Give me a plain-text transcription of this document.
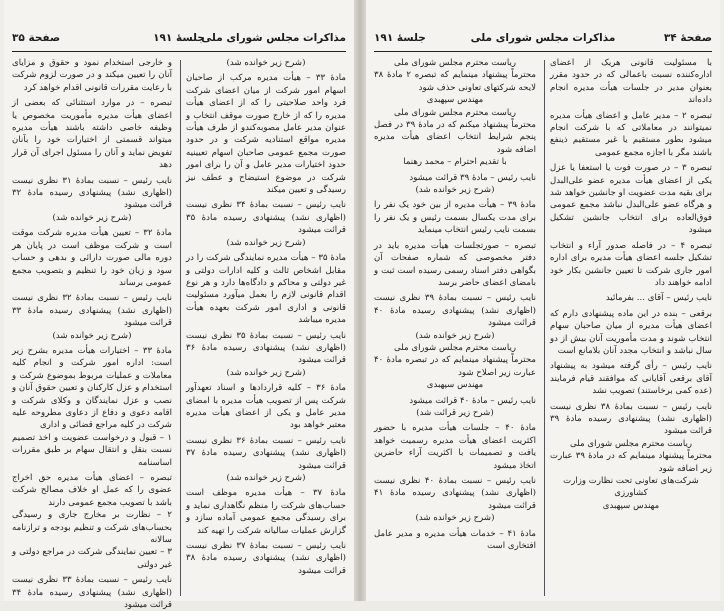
مذاکرات مجلس شورای ملی
جلسهٔ ۱۹۱
صفحة ۳۵

(شرح زیر خوانده شد)

مادهٔ ۳۳ – هیأت مدیره مرکب از صاحبان اسهام امور شرکت از میان اعضای شرکت فرد واحد صلاحیتی را که از اعضای هیأت مدیره را که از خارج صورت موقف انتخاب و عنوان مدیر عامل مصوبه‌کندو از طرف هیأت مدیره مواقع استنادیه شرکت و در حدود صورت مجمع عمومی صاحبان اسهام تعیینیه حدود اختیارات مدیر عامل و آن را برای امور شرکت در موضوع استیضاح و عطف نیز رسیدگی و تعیین میکند

نایب رئیس – نسبت بمادهٔ ۳۴ نظری نیست (اظهاری نشد) پیشنهادی رسیده مادهٔ ۳۵ قرائت میشود

(شرح زیر خوانده شد)

مادهٔ ۳۵ – هیأت مدیره نمایندگی شرکت را در مقابل اشخاص ثالث و کلیه ادارات دولتی و غیر دولتی و محاکم و دادگاه‌ها دارد و هر نوع اقدام قانونی لازم را بعمل میآورد مسئولیت قانونی و اداری امور شرکت بعهده هیأت مدیره میباشد

نایب رئیس – نسبت بمادهٔ ۳۵ نظری نیست (اظهاری نشد) پیشنهادی رسیده مادهٔ ۳۶ قرائت میشود

(شرح زیر خوانده شد)

مادهٔ ۳۶ – کلیه قراردادها و اسناد تعهدآور شرکت پس از تصویب هیأت مدیره با امضای مدیر عامل و یکی از اعضای هیأت مدیره معتبر خواهد بود

نایب رئیس – نسبت بمادهٔ ۳۶ نظری نیست (اظهاری نشد) پیشنهادی رسیده مادهٔ ۳۷ قرائت میشود

(شرح زیر خوانده شد)

مادهٔ ۳۷ – هیأت مدیره موظف است حساب‌های شرکت را منظم نگاهداری نماید و برای رسیدگی مجمع عمومی آماده سازد و گزارش عملیات سالیانه شرکت را تهیه کند

نایب رئیس – نسبت بمادهٔ ۳۷ نظری نیست (اظهاری نشد) پیشنهادی رسیده مادهٔ ۳۸ قرائت میشود

و خارجی استخدام نمود و حقوق و مزایای آنان را تعیین میکند و در صورت لزوم شرکت با رعایت مقررات قانونی اقدام خواهد کرد

تبصره – در موارد استثنائی که بعضی از اعضای هیأت مدیره مأموریت مخصوص یا وظیفه خاصی داشته باشند هیأت مدیره میتواند قسمتی از اختیارات خود را بآنان تفویض نماید و آنان را مسئول اجرای آن قرار دهد

نایب رئیس – نسبت بمادهٔ ۳۱ نظری نیست (اظهاری نشد) پیشنهادی رسیده مادهٔ ۳۲ قرائت میشود

(شرح زیر خوانده شد)

مادهٔ ۳۲ – تعیین هیأت مدیره شرکت موقت است و شرکت موظف است در پایان هر دوره مالی صورت دارائی و بدهی و حساب سود و زیان خود را تنظیم و بتصویب مجمع عمومی برساند

نایب رئیس – نسبت بمادهٔ ۳۲ نظری نیست (اظهاری نشد) پیشنهادی رسیده مادهٔ ۳۳ قرائت میشود

(شرح زیر خوانده شد)

مادهٔ ۳۳ – اختیارات هیأت مدیره بشرح زیر است: اداره امور شرکت و انجام کلیه معاملات و عملیات مربوط بموضوع شرکت و استخدام و عزل کارکنان و تعیین حقوق آنان و نصب و عزل نمایندگان و وکلای شرکت و اقامه دعوی و دفاع از دعاوی مطروحه علیه شرکت در کلیه مراجع قضائی و اداری

۱ – قبول و درخواست عضویت و اخذ تصمیم نسبت بنقل و انتقال سهام بر طبق مقررات اساسنامه

تبصره – اعضای هیأت مدیره حق اخراج عضوی را که عمل او خلاف مصالح شرکت باشد با تصویب مجمع عمومی دارند

۲ – نظارت بر مخارج جاری و رسیدگی بحساب‌های شرکت و تنظیم بودجه و ترازنامه سالانه

۳ – تعیین نمایندگی شرکت در مراجع دولتی و غیر دولتی

نایب رئیس – نسبت بمادهٔ ۳۳ نظری نیست (اظهاری نشد) پیشنهادی رسیده مادهٔ ۳۴ قرائت میشود

صفحهٔ ۳۴
مذاکرات مجلس شورای ملی
جلسهٔ ۱۹۱

با مسئولیت قانونی هریک از اعضای اداره‌کننده نسبت باعمالی که در حدود مقرر بعنوان مدیر در جلسات هیأت مدیره انجام داده‌اند

تبصره ۲ – مدیر عامل و اعضای هیأت مدیره نمیتوانند در معاملاتی که با شرکت انجام میشود بطور مستقیم یا غیر مستقیم ذینفع باشند مگر با اجازه مجمع عمومی

تبصره ۳ – در صورت فوت یا استعفا یا عزل یکی از اعضای هیأت مدیره عضو علی‌البدل برای بقیه مدت عضویت او جانشین خواهد شد و هرگاه عضو علی‌البدل نباشد مجمع عمومی فوق‌العاده برای انتخاب جانشین تشکیل میشود

تبصره ۴ – در فاصله صدور آراء و انتخاب تشکیل جلسه اعضای هیأت مدیره برای اداره امور جاری شرکت تا تعیین جانشین بکار خود ادامه خواهند داد

نایب رئیس – آقای ... بفرمائید

برقعی – بنده در این ماده پیشنهادی دارم که اعضای هیأت مدیره از میان صاحبان سهام انتخاب شوند و مدت مأموریت آنان بیش از دو سال نباشد و انتخاب مجدد آنان بلامانع است

نایب رئیس – رأی گرفته میشود به پیشنهاد آقای برقعی آقایانی که موافقند قیام فرمایند (عده کمی برخاستند) تصویب نشد

نایب رئیس – نسبت بمادهٔ ۳۸ نظری نیست (اظهاری نشد) پیشنهادی رسیده مادهٔ ۳۹ قرائت میشود

ریاست محترم مجلس شورای ملی

محترماً پیشنهاد مینمایم که در مادهٔ ۳۹ عبارت زیر اضافه شود

شرکت‌های تعاونی تحت نظارت وزارت کشاورزی

مهندس سپهبدی

ریاست محترم مجلس شورای ملی

محترماً پیشنهاد مینمایم که تبصره ۲ مادهٔ ۳۸ لایحه شرکتهای تعاونی حذف شود

مهندس سپهبدی

ریاست محترم مجلس شورای ملی

محترماً پیشنهاد میکنم که در مادهٔ ۳۹ در فصل پنجم شرایط انتخاب اعضای هیأت مدیره اضافه شود

با تقدیم احترام – محمد رهنما

نایب رئیس – مادهٔ ۳۹ قرائت میشود

(شرح زیر خوانده شد)

مادهٔ ۳۹ – هیأت مدیره از بین خود یک نفر را برای مدت یکسال بسمت رئیس و یک نفر را بسمت نایب رئیس انتخاب مینماید

تبصره – صورتجلسات هیأت مدیره باید در دفتر مخصوصی که شماره صفحات آن بگواهی دفتر اسناد رسمی رسیده است ثبت و بامضای اعضای حاضر برسد

نایب رئیس – نسبت بمادهٔ ۳۹ نظری نیست (اظهاری نشد) پیشنهادی رسیده مادهٔ ۴۰ قرائت میشود

(شرح زیر خوانده شد)

ریاست محترم مجلس شورای ملی

محترماً پیشنهاد مینمایم که در تبصره مادهٔ ۴۰ عبارت زیر اصلاح شود

مهندس سپهبدی

نایب رئیس – مادهٔ ۴۰ قرائت میشود

(شرح زیر قرائت شد)

مادهٔ ۴۰ – جلسات هیأت مدیره با حضور اکثریت اعضای هیأت مدیره رسمیت خواهد یافت و تصمیمات با اکثریت آراء حاضرین اتخاذ میشود

نایب رئیس – نسبت بمادهٔ ۴۰ نظری نیست (اظهاری نشد) پیشنهادی رسیده مادهٔ ۴۱ قرائت میشود

(شرح زیر خوانده شد)

مادهٔ ۴۱ – خدمات هیأت مدیره و مدیر عامل افتخاری است
